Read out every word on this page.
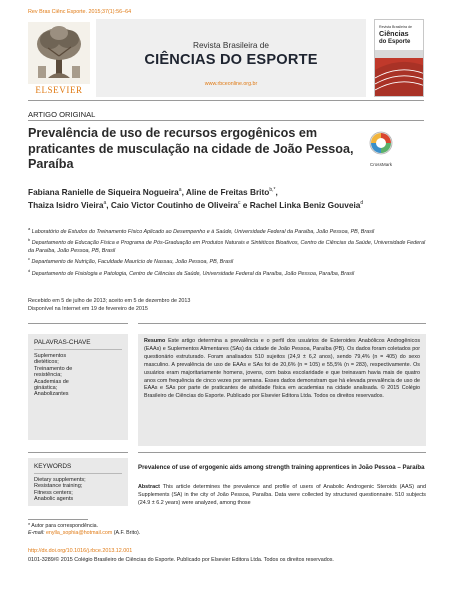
Rev Bras Ciênc Esporte. 2015;37(1):56–64
ELSEVIER
Revista Brasileira de
CIÊNCIAS DO ESPORTE
www.rbceonline.org.br
Revista Brasileira de
Ciências
do Esporte
ARTIGO ORIGINAL
Prevalência de uso de recursos ergogênicos em praticantes de musculação na cidade de João Pessoa, Paraíba	CrossMark
Fabiana Ranielle de Siqueira Nogueira$^a$, Aline de Freitas Brito$^{b,*}$,
Thaiza Isidro Vieira$^a$, Caio Victor Coutinho de Oliveira$^c$ e Rachel Linka Beniz Gouveia$^d$
$^a$ Laboratório de Estudos do Treinamento Físico Aplicado ao Desempenho e à Saúde, Universidade Federal da Paraíba, João Pessoa, PB, Brasil
$^b$ Departamento de Educação Física e Programa de Pós-Graduação em Produtos Naturais e Sintéticos Bioativos, Centro de Ciências da Saúde, Universidade Federal da Paraíba, João Pessoa, PB, Brasil
$^c$ Departamento de Nutrição, Faculdade Maurício de Nassau, João Pessoa, PB, Brasil
$^d$ Departamento de Fisiologia e Patologia, Centro de Ciências da Saúde, Universidade Federal da Paraíba, João Pessoa, Paraíba, Brasil
Recebido em 5 de julho de 2013; aceito em 5 de dezembro de 2013
Disponível na Internet em 19 de fevereiro de 2015
PALAVRAS-CHAVE
Suplementos
dietéticos;
Treinamento de
resistência;
Academias de
ginástica;
Anabolizantes
Resumo Este artigo determina a prevalência e o perfil dos usuários de Esteroides Anabólicos Androgênicos (EAAs) e Suplementos Alimentares (SAs) da cidade de João Pessoa, Paraíba (PB). Os dados foram coletados por questionário estruturado. Foram analisados 510 sujeitos (24,9 ± 6,2 anos), sendo 79,4% (n = 405) do sexo masculino. A prevalência de uso de EAAs e SAs foi de 20,6% (n = 105) e 55,5% (n = 283), respectivamente. Os usuários eram majoritariamente homens, jovens, com baixa escolaridade e que treinavam havia mais de quatro anos com frequência de cinco vezes por semana. Esses dados demonstram que há elevada prevalência de uso de EAAs e SAs por parte de praticantes de atividade física em academias na cidade analisada. © 2015 Colégio Brasileiro de Ciências do Esporte. Publicado por Elsevier Editora Ltda. Todos os direitos reservados.
KEYWORDS
Dietary supplements;
Resistance training;
Fitness centers;
Anabolic agents
Prevalence of use of ergogenic aids among strength training apprentices in João Pessoa – Paraíba
Abstract This article determines the prevalence and profile of users of Anabolic Androgenic Steroids (AAS) and Supplements (SA) in the city of João Pessoa, Paraíba. Data were collected by structured questionnaire. 510 subjects (24.9 ± 6.2 years) were analyzed, among those
* Autor para correspondência.
E-mail: enylla_sophia@hotmail.com (A.F. Brito).
http://dx.doi.org/10.1016/j.rbce.2013.12.001
0101-3289/© 2015 Colégio Brasileiro de Ciências do Esporte. Publicado por Elsevier Editora Ltda. Todos os direitos reservados.
